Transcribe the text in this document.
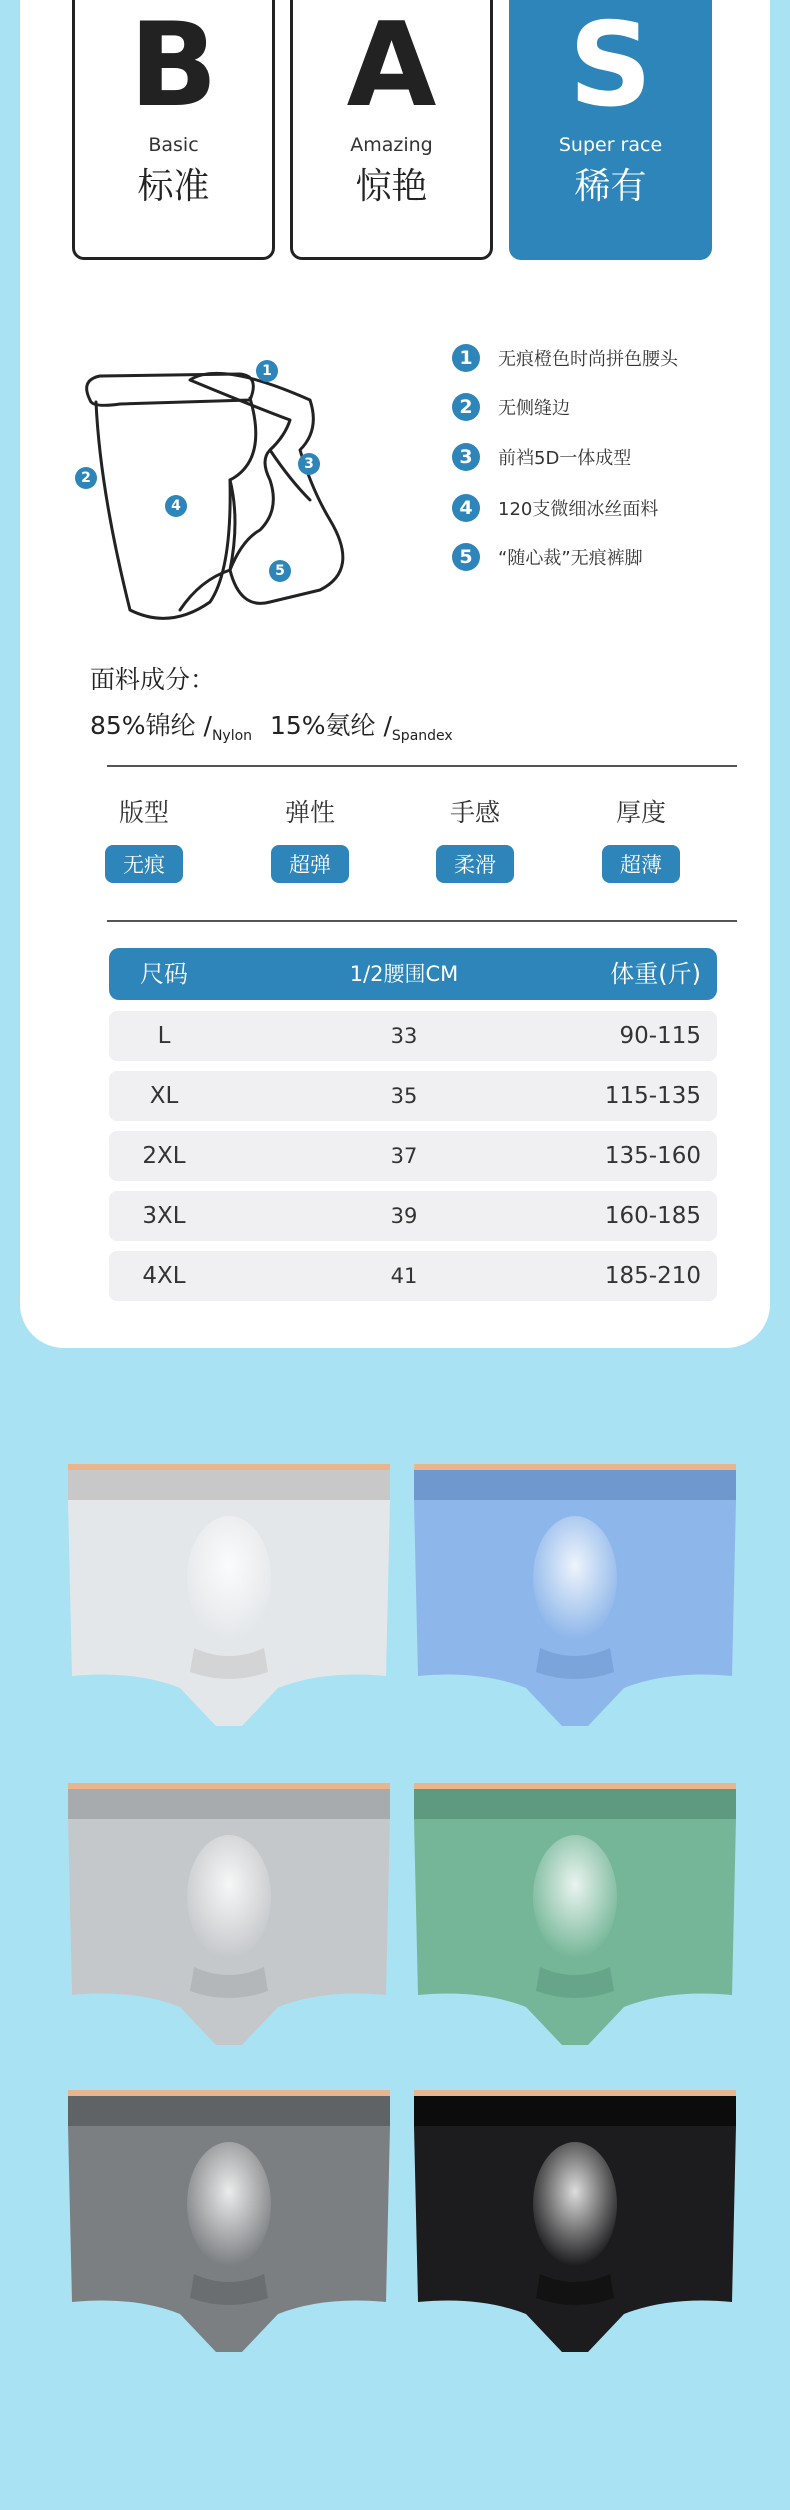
B
Basic
标准
A
Amazing
惊艳
S
Super race
稀有
1
2
3
4
5
1	无痕橙色时尚拼色腰头
2	无侧缝边
3	前裆5D一体成型
4	120支微细冰丝面料
5	“随心裁”无痕裤脚
面料成分：
85%锦纶 $/_{Nylon}$ 15%氨纶 $/_{Spandex}$
版型
无痕
弹性
超弹
手感
柔滑
厚度
超薄
尺码	1/2腰围CM	体重(斤)
L	33	90-115
XL	35	115-135
2XL	37	135-160
3XL	39	160-185
4XL	41	185-210
